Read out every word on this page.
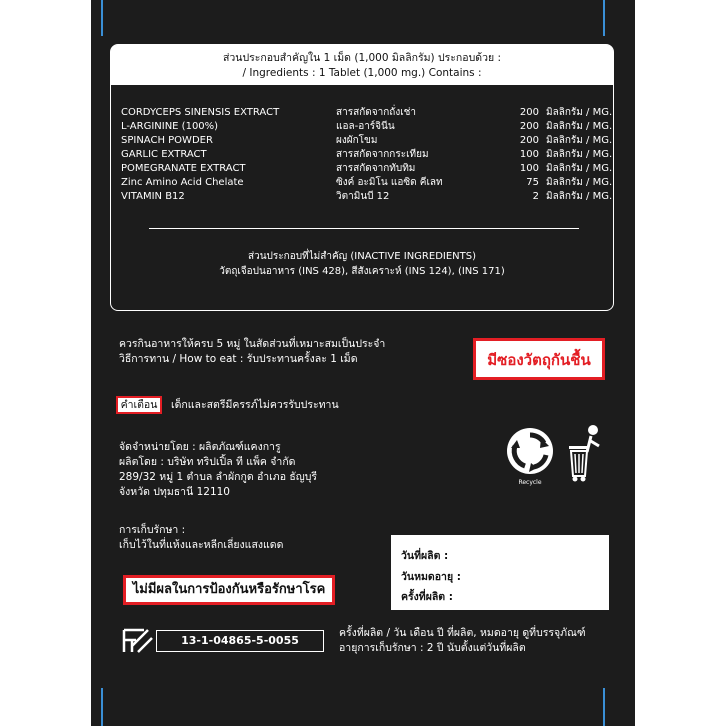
ส่วนประกอบสำคัญใน 1 เม็ด (1,000 มิลลิกรัม) ประกอบด้วย :
/ Ingredients : 1 Tablet (1,000 mg.) Contains :
CORDYCEPS SINENSIS EXTRACT	สารสกัดจากถั่งเช่า	200 มิลลิกรัม / MG.
L-ARGININE (100%)	แอล-อาร์จินีน	200 มิลลิกรัม / MG.
SPINACH POWDER	ผงผักโขม	200 มิลลิกรัม / MG.
GARLIC EXTRACT	สารสกัดจากกระเทียม	100 มิลลิกรัม / MG.
POMEGRANATE EXTRACT	สารสกัดจากทับทิม	100 มิลลิกรัม / MG.
Zinc Amino Acid Chelate	ซิงค์ อะมิโน แอซิด คีเลท	75 มิลลิกรัม / MG.
VITAMIN B12	วิตามินบี 12	2 มิลลิกรัม / MG.
ส่วนประกอบที่ไม่สำคัญ (INACTIVE INGREDIENTS)
วัตถุเจือปนอาหาร (INS 428), สีสังเคราะห์ (INS 124), (INS 171)
ควรกินอาหารให้ครบ 5 หมู่ ในสัดส่วนที่เหมาะสมเป็นประจำ
วิธีการทาน / How to eat : รับประทานครั้งละ 1 เม็ด	มีซองวัตถุกันชื้น
คำเตือน	เด็กและสตรีมีครรภ์ไม่ควรรับประทาน
จัดจำหน่ายโดย : ผลิตภัณฑ์แคงการู
ผลิตโดย : บริษัท ทริปเปิ้ล ที แพ็ค จำกัด
289/32 หมู่ 1 ตำบล ลำผักกูด อำเภอ ธัญบุรี
จังหวัด ปทุมธานี 12110
Recycle
การเก็บรักษา :
เก็บไว้ในที่แห้งและหลีกเลี่ยงแสงแดด
วันที่ผลิต :
วันหมดอายุ :
ครั้งที่ผลิต :
ไม่มีผลในการป้องกันหรือรักษาโรค
13-1-04865-5-0055
ครั้งที่ผลิต / วัน เดือน ปี ที่ผลิต, หมดอายุ ดูที่บรรจุภัณฑ์
อายุการเก็บรักษา : 2 ปี นับตั้งแต่วันที่ผลิต
